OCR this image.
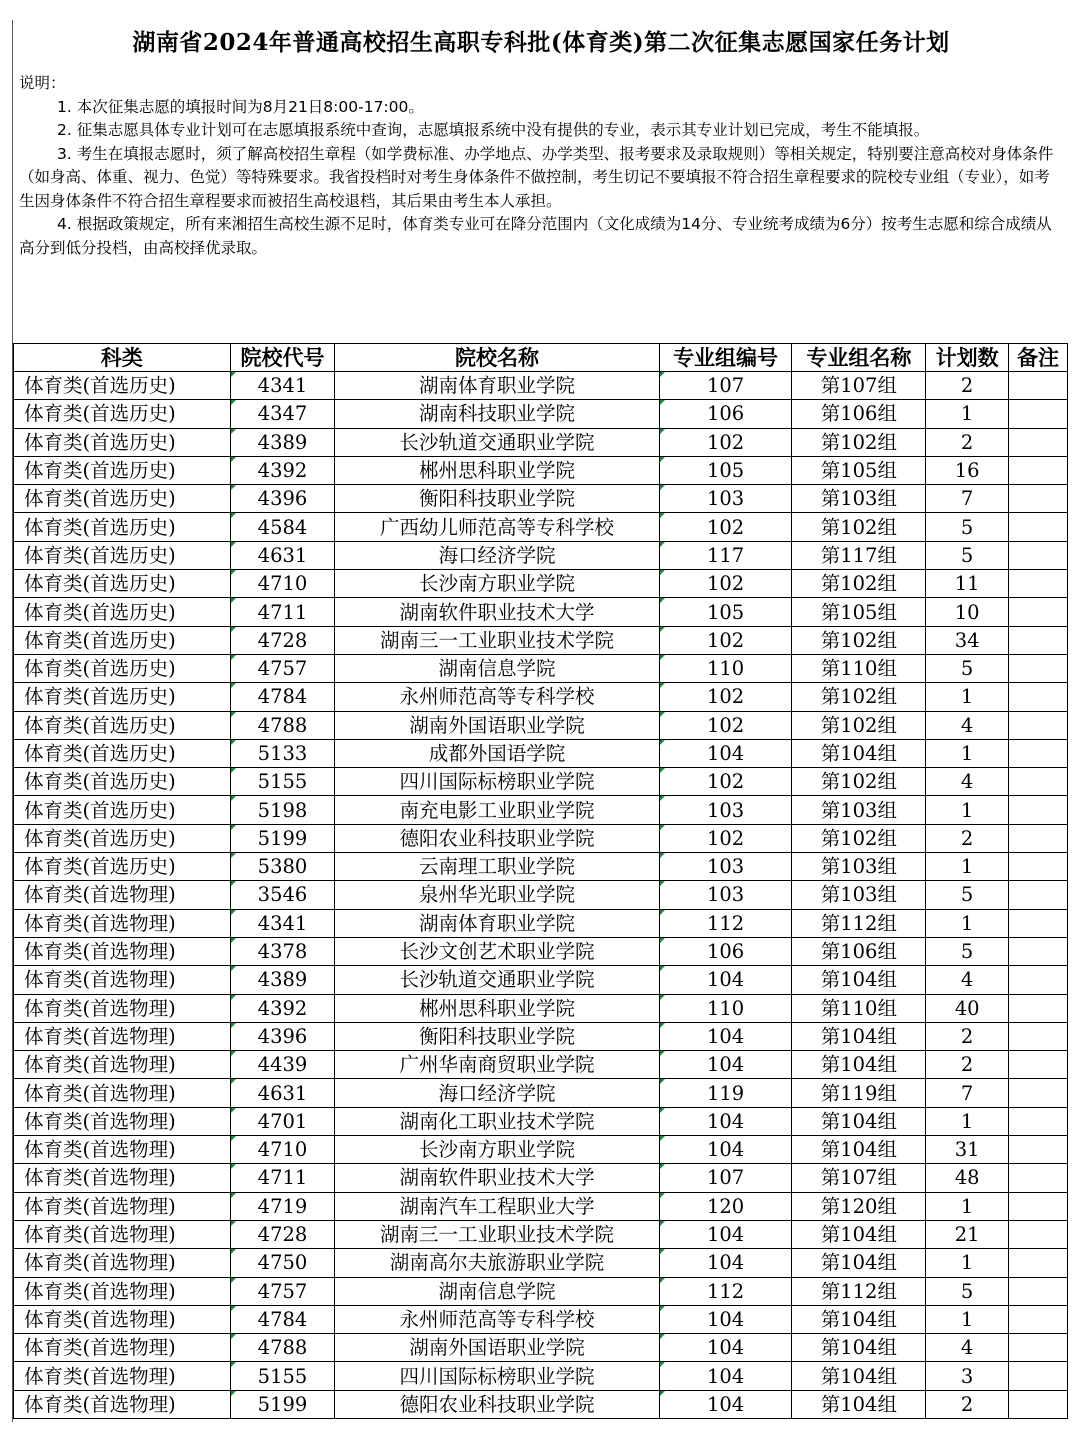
湖南省2024年普通高校招生高职专科批(体育类)第二次征集志愿国家任务计划

说明：

1. 本次征集志愿的填报时间为8月21日8:00-17:00。

2. 征集志愿具体专业计划可在志愿填报系统中查询，志愿填报系统中没有提供的专业，表示其专业计划已完成，考生不能填报。

3. 考生在填报志愿时，须了解高校招生章程（如学费标准、办学地点、办学类型、报考要求及录取规则）等相关规定，特别要注意高校对身体条件（如身高、体重、视力、色觉）等特殊要求。我省投档时对考生身体条件不做控制，考生切记不要填报不符合招生章程要求的院校专业组（专业），如考生因身体条件不符合招生章程要求而被招生高校退档，其后果由考生本人承担。

4. 根据政策规定，所有来湘招生高校生源不足时，体育类专业可在降分范围内（文化成绩为14分、专业统考成绩为6分）按考生志愿和综合成绩从高分到低分投档，由高校择优录取。

科类	院校代号	院校名称	专业组编号	专业组名称	计划数	备注
体育类(首选历史)	4341	湖南体育职业学院	107	第107组	2	
体育类(首选历史)	4347	湖南科技职业学院	106	第106组	1	
体育类(首选历史)	4389	长沙轨道交通职业学院	102	第102组	2	
体育类(首选历史)	4392	郴州思科职业学院	105	第105组	16	
体育类(首选历史)	4396	衡阳科技职业学院	103	第103组	7	
体育类(首选历史)	4584	广西幼儿师范高等专科学校	102	第102组	5	
体育类(首选历史)	4631	海口经济学院	117	第117组	5	
体育类(首选历史)	4710	长沙南方职业学院	102	第102组	11	
体育类(首选历史)	4711	湖南软件职业技术大学	105	第105组	10	
体育类(首选历史)	4728	湖南三一工业职业技术学院	102	第102组	34	
体育类(首选历史)	4757	湖南信息学院	110	第110组	5	
体育类(首选历史)	4784	永州师范高等专科学校	102	第102组	1	
体育类(首选历史)	4788	湖南外国语职业学院	102	第102组	4	
体育类(首选历史)	5133	成都外国语学院	104	第104组	1	
体育类(首选历史)	5155	四川国际标榜职业学院	102	第102组	4	
体育类(首选历史)	5198	南充电影工业职业学院	103	第103组	1	
体育类(首选历史)	5199	德阳农业科技职业学院	102	第102组	2	
体育类(首选历史)	5380	云南理工职业学院	103	第103组	1	
体育类(首选物理)	3546	泉州华光职业学院	103	第103组	5	
体育类(首选物理)	4341	湖南体育职业学院	112	第112组	1	
体育类(首选物理)	4378	长沙文创艺术职业学院	106	第106组	5	
体育类(首选物理)	4389	长沙轨道交通职业学院	104	第104组	4	
体育类(首选物理)	4392	郴州思科职业学院	110	第110组	40	
体育类(首选物理)	4396	衡阳科技职业学院	104	第104组	2	
体育类(首选物理)	4439	广州华南商贸职业学院	104	第104组	2	
体育类(首选物理)	4631	海口经济学院	119	第119组	7	
体育类(首选物理)	4701	湖南化工职业技术学院	104	第104组	1	
体育类(首选物理)	4710	长沙南方职业学院	104	第104组	31	
体育类(首选物理)	4711	湖南软件职业技术大学	107	第107组	48	
体育类(首选物理)	4719	湖南汽车工程职业大学	120	第120组	1	
体育类(首选物理)	4728	湖南三一工业职业技术学院	104	第104组	21	
体育类(首选物理)	4750	湖南高尔夫旅游职业学院	104	第104组	1	
体育类(首选物理)	4757	湖南信息学院	112	第112组	5	
体育类(首选物理)	4784	永州师范高等专科学校	104	第104组	1	
体育类(首选物理)	4788	湖南外国语职业学院	104	第104组	4	
体育类(首选物理)	5155	四川国际标榜职业学院	104	第104组	3	
体育类(首选物理)	5199	德阳农业科技职业学院	104	第104组	2	
